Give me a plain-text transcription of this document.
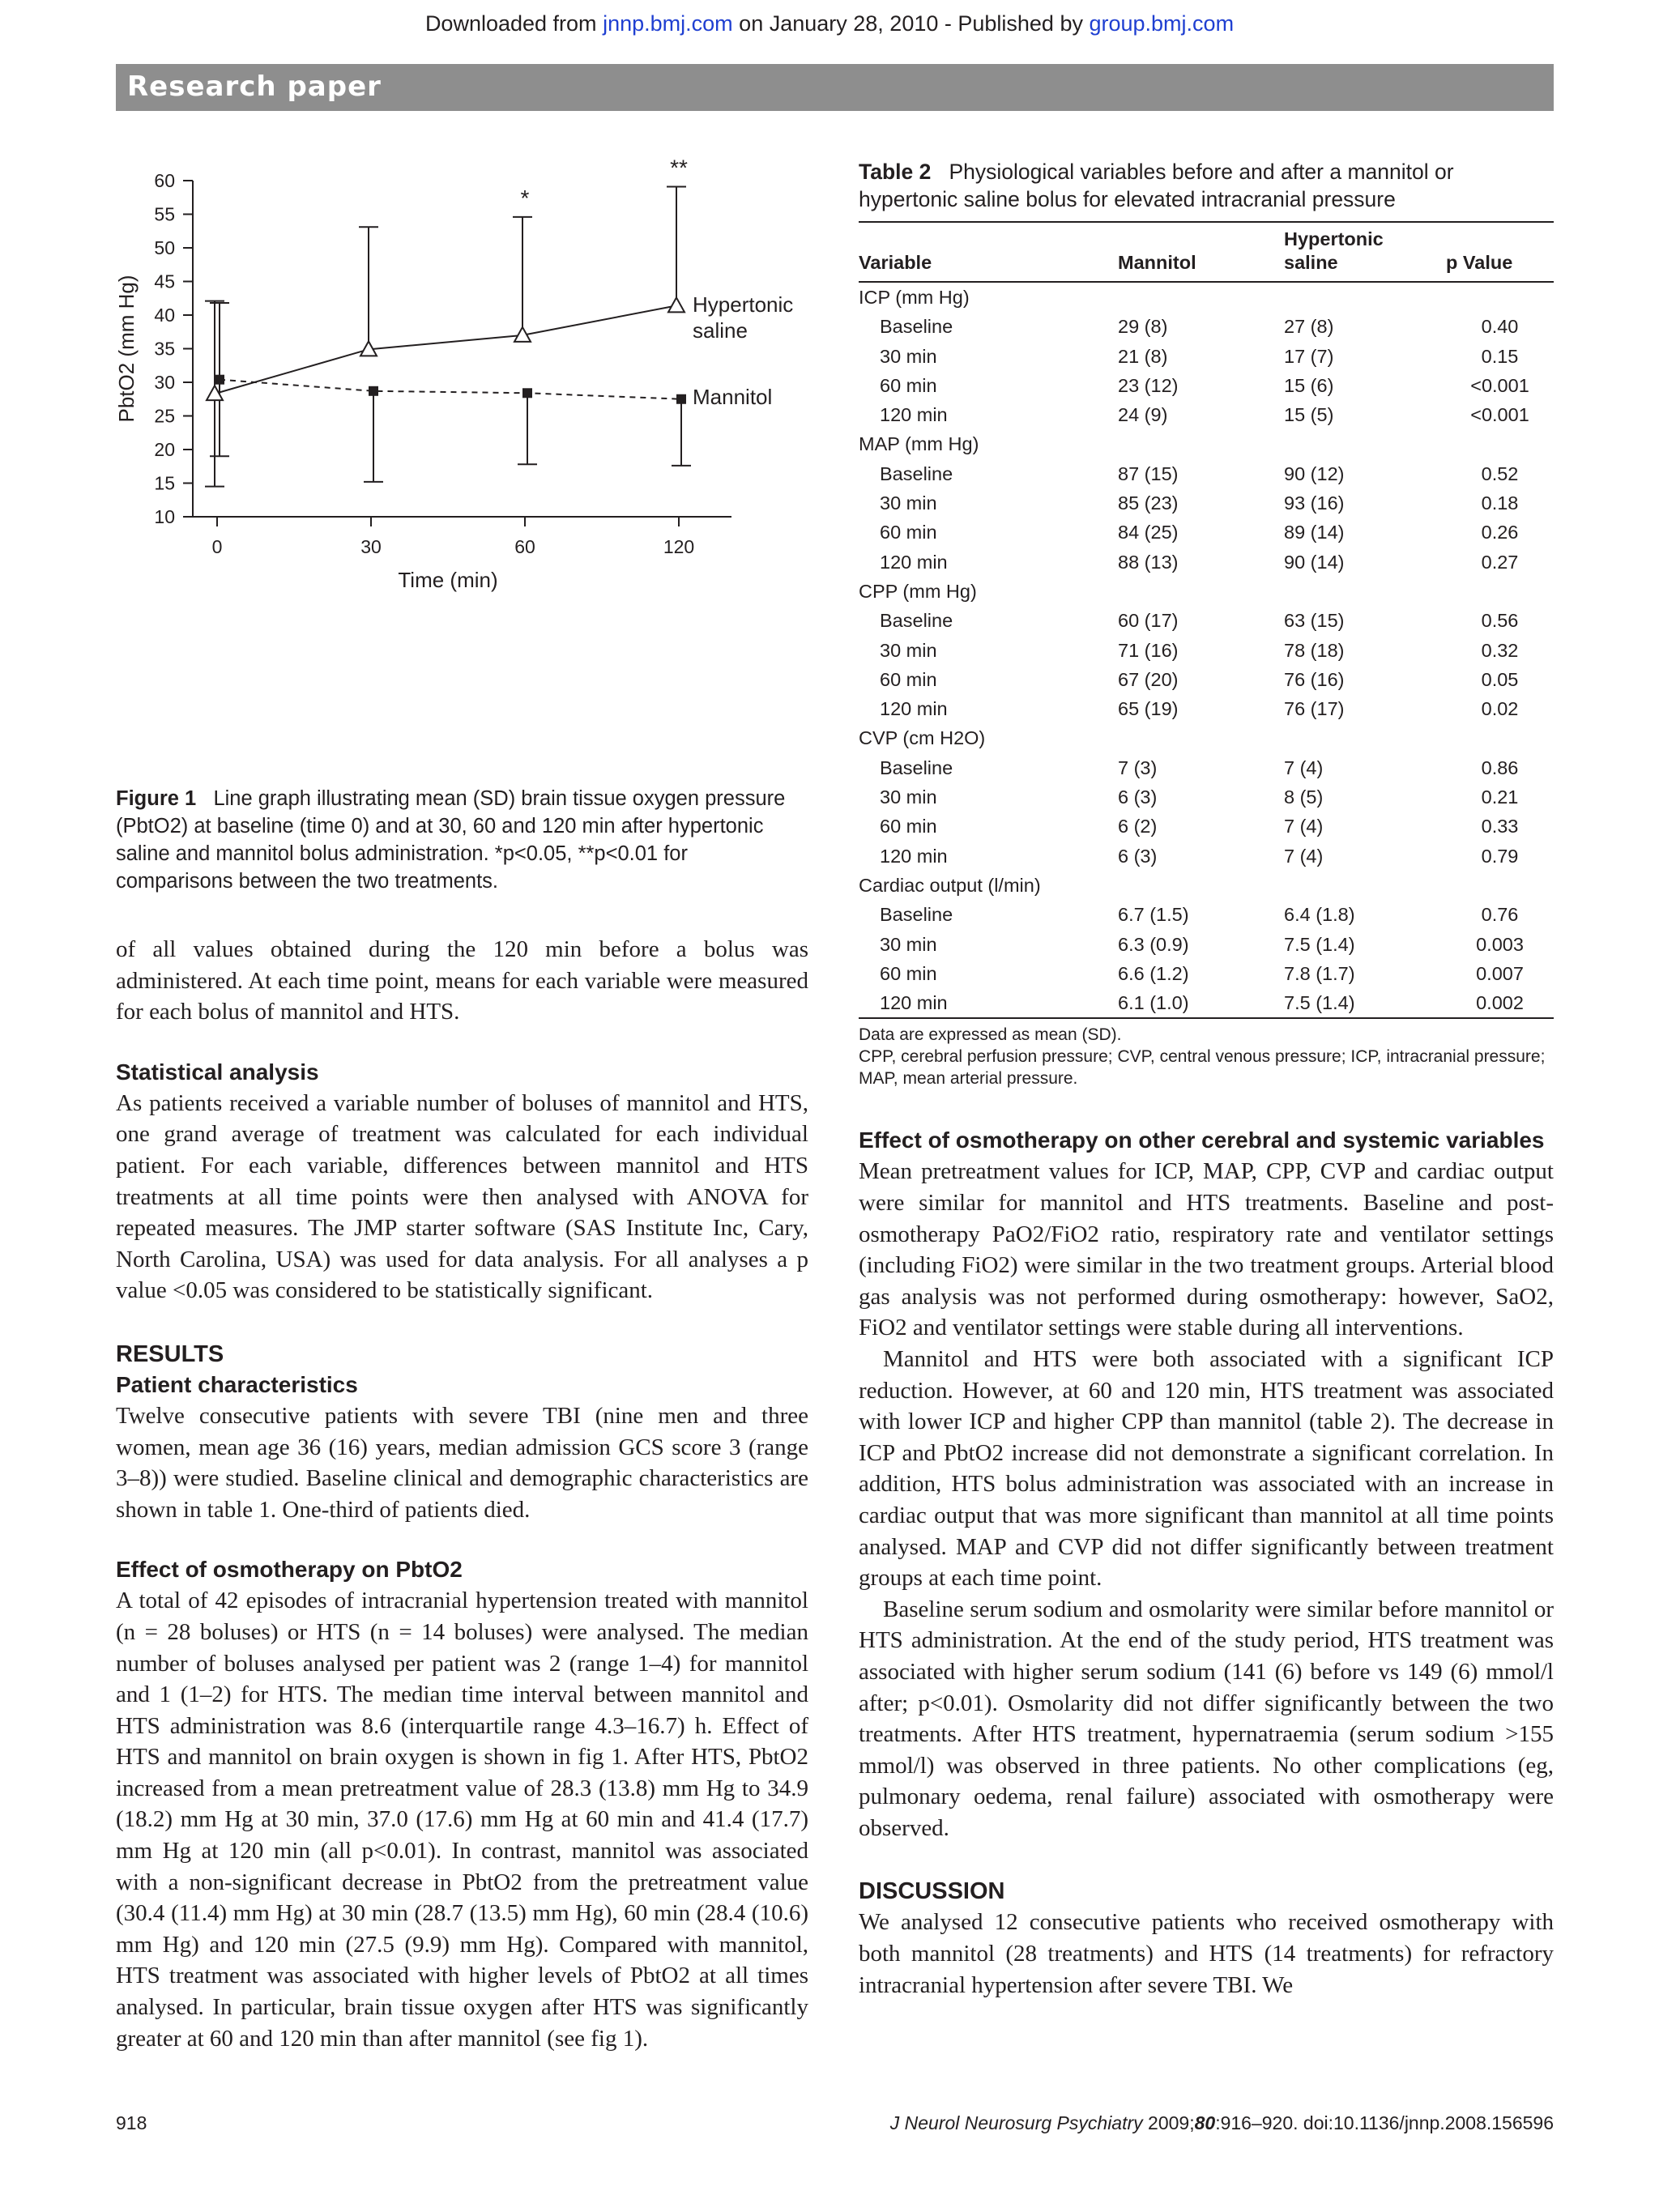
Downloaded from jnnp.bmj.com on January 28, 2010 - Published by group.bmj.com
Research paper
10
15
20
25
30
35
40
45
50
55
60
0	30	60	120
Time (min)
PbtO2 (mm Hg)
*
**
Hypertonic
saline
Mannitol
Figure 1 Line graph illustrating mean (SD) brain tissue oxygen pressure (PbtO2) at baseline (time 0) and at 30, 60 and 120 min after hypertonic saline and mannitol bolus administration. *p<0.05, **p<0.01 for comparisons between the two treatments.

of all values obtained during the 120 min before a bolus was administered. At each time point, means for each variable were measured for each bolus of mannitol and HTS.

Statistical analysis

As patients received a variable number of boluses of mannitol and HTS, one grand average of treatment was calculated for each individual patient. For each variable, differences between mannitol and HTS treatments at all time points were then analysed with ANOVA for repeated measures. The JMP starter software (SAS Institute Inc, Cary, North Carolina, USA) was used for data analysis. For all analyses a p value <0.05 was considered to be statistically significant.

RESULTS
Patient characteristics

Twelve consecutive patients with severe TBI (nine men and three women, mean age 36 (16) years, median admission GCS score 3 (range 3–8)) were studied. Baseline clinical and demographic characteristics are shown in table 1. One-third of patients died.

Effect of osmotherapy on PbtO2

A total of 42 episodes of intracranial hypertension treated with mannitol (n = 28 boluses) or HTS (n = 14 boluses) were analysed. The median number of boluses analysed per patient was 2 (range 1–4) for mannitol and 1 (1–2) for HTS. The median time interval between mannitol and HTS administration was 8.6 (interquartile range 4.3–16.7) h. Effect of HTS and mannitol on brain oxygen is shown in fig 1. After HTS, PbtO2 increased from a mean pretreatment value of 28.3 (13.8) mm Hg to 34.9 (18.2) mm Hg at 30 min, 37.0 (17.6) mm Hg at 60 min and 41.4 (17.7) mm Hg at 120 min (all p<0.01). In contrast, mannitol was associated with a non-significant decrease in PbtO2 from the pretreatment value (30.4 (11.4) mm Hg) at 30 min (28.7 (13.5) mm Hg), 60 min (28.4 (10.6) mm Hg) and 120 min (27.5 (9.9) mm Hg). Compared with mannitol, HTS treatment was associated with higher levels of PbtO2 at all times analysed. In particular, brain tissue oxygen after HTS was significantly greater at 60 and 120 min than after mannitol (see fig 1).

Table 2 Physiological variables before and after a mannitol or hypertonic saline bolus for elevated intracranial pressure
Variable	Mannitol	Hypertonic saline	p Value
ICP (mm Hg)			
Baseline	29 (8)	27 (8)	0.40
30 min	21 (8)	17 (7)	0.15
60 min	23 (12)	15 (6)	<0.001
120 min	24 (9)	15 (5)	<0.001
MAP (mm Hg)			
Baseline	87 (15)	90 (12)	0.52
30 min	85 (23)	93 (16)	0.18
60 min	84 (25)	89 (14)	0.26
120 min	88 (13)	90 (14)	0.27
CPP (mm Hg)			
Baseline	60 (17)	63 (15)	0.56
30 min	71 (16)	78 (18)	0.32
60 min	67 (20)	76 (16)	0.05
120 min	65 (19)	76 (17)	0.02
CVP (cm H2O)			
Baseline	7 (3)	7 (4)	0.86
30 min	6 (3)	8 (5)	0.21
60 min	6 (2)	7 (4)	0.33
120 min	6 (3)	7 (4)	0.79
Cardiac output (l/min)			
Baseline	6.7 (1.5)	6.4 (1.8)	0.76
30 min	6.3 (0.9)	7.5 (1.4)	0.003
60 min	6.6 (1.2)	7.8 (1.7)	0.007
120 min	6.1 (1.0)	7.5 (1.4)	0.002
Data are expressed as mean (SD).
CPP, cerebral perfusion pressure; CVP, central venous pressure; ICP, intracranial pressure; MAP, mean arterial pressure.
Effect of osmotherapy on other cerebral and systemic variables

Mean pretreatment values for ICP, MAP, CPP, CVP and cardiac output were similar for mannitol and HTS treatments. Baseline and post-osmotherapy PaO2/FiO2 ratio, respiratory rate and ventilator settings (including FiO2) were similar in the two treatment groups. Arterial blood gas analysis was not performed during osmotherapy: however, SaO2, FiO2 and ventilator settings were stable during all interventions.

Mannitol and HTS were both associated with a significant ICP reduction. However, at 60 and 120 min, HTS treatment was associated with lower ICP and higher CPP than mannitol (table 2). The decrease in ICP and PbtO2 increase did not demonstrate a significant correlation. In addition, HTS bolus administration was associated with an increase in cardiac output that was more significant than mannitol at all time points analysed. MAP and CVP did not differ significantly between treatment groups at each time point.

Baseline serum sodium and osmolarity were similar before mannitol or HTS administration. At the end of the study period, HTS treatment was associated with higher serum sodium (141 (6) before vs 149 (6) mmol/l after; p<0.01). Osmolarity did not differ significantly between the two treatments. After HTS treatment, hypernatraemia (serum sodium >155 mmol/l) was observed in three patients. No other complications (eg, pulmonary oedema, renal failure) associated with osmotherapy were observed.

DISCUSSION

We analysed 12 consecutive patients who received osmotherapy with both mannitol (28 treatments) and HTS (14 treatments) for refractory intracranial hypertension after severe TBI. We

918	J Neurol Neurosurg Psychiatry 2009;80:916–920. doi:10.1136/jnnp.2008.156596
